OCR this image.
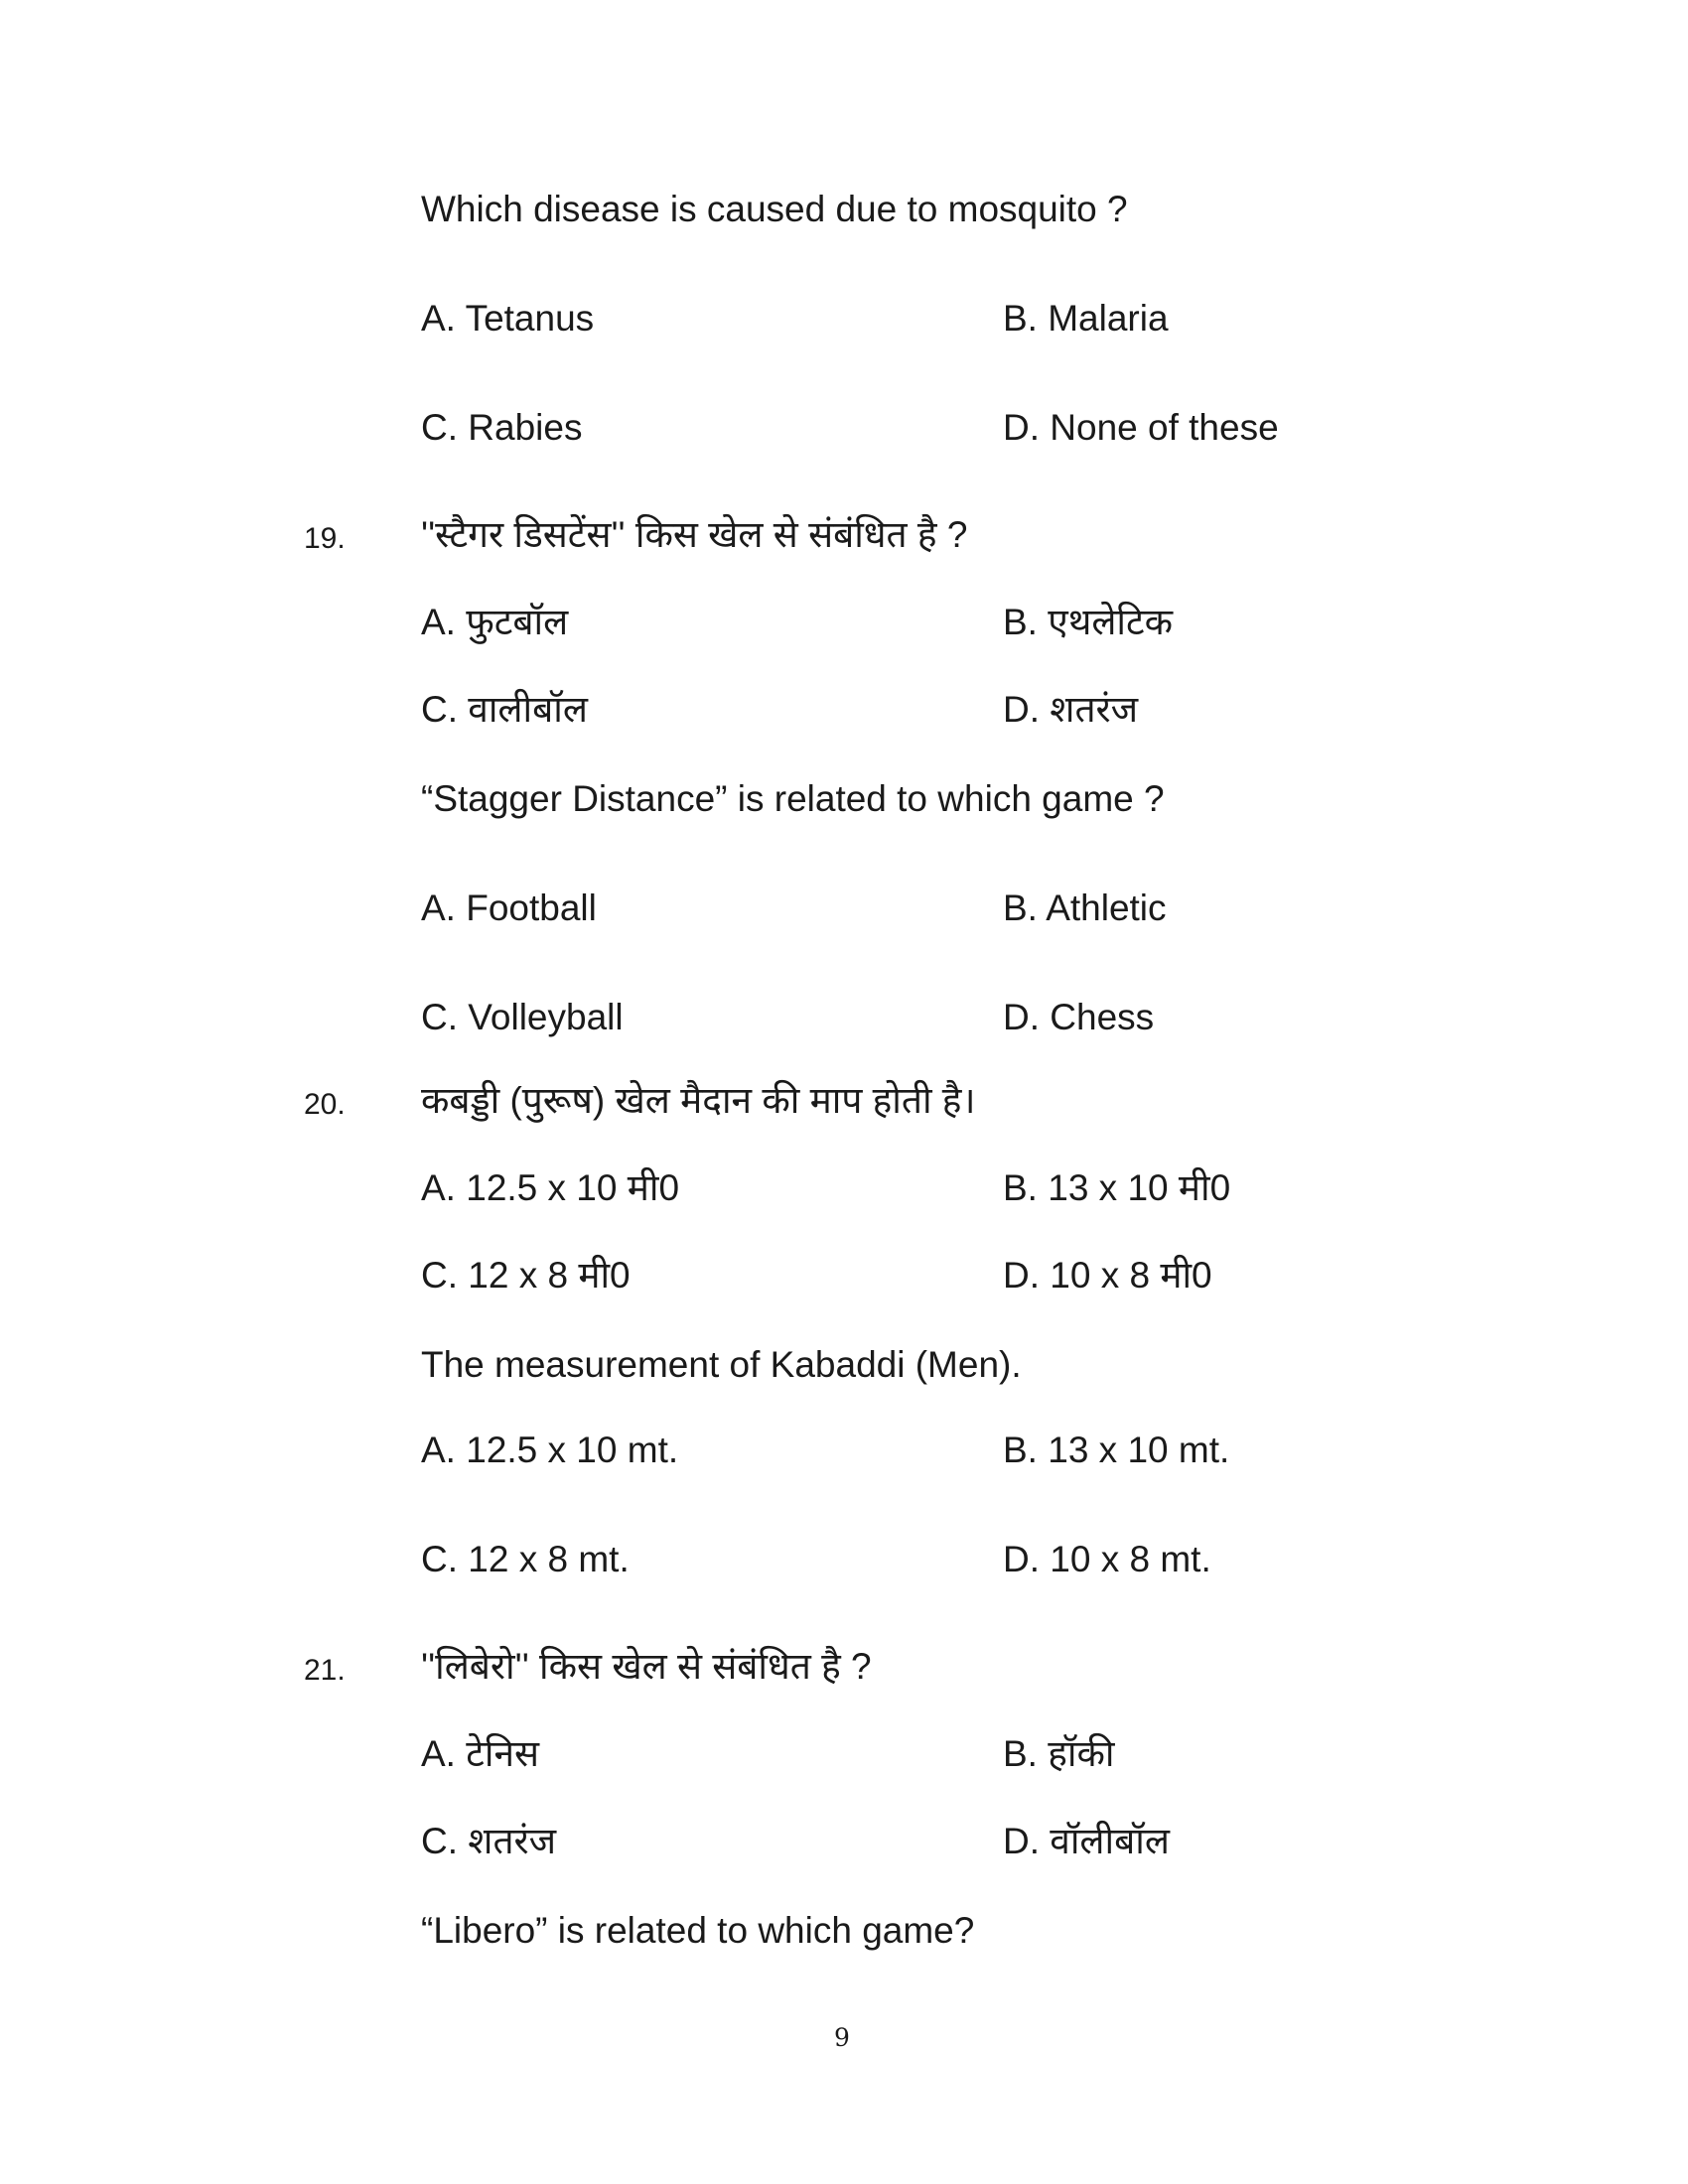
Which disease is caused due to mosquito ?
A. Tetanus	B. Malaria
C. Rabies	D. None of these
19. ''स्टैगर डिसटेंस'' किस खेल से संबंधित है ?
A. फुटबॉल	B. एथलेटिक
C. वालीबॉल	D. शतरंज
“Stagger Distance” is related to which game ?
A. Football	B. Athletic
C. Volleyball	D. Chess
20. कबड्डी (पुरूष) खेल मैदान की माप होती है।
A. 12.5 x 10 मी0	B. 13 x 10 मी0
C. 12 x 8 मी0	D. 10 x 8 मी0
The measurement of Kabaddi (Men).
A. 12.5 x 10 mt.	B. 13 x 10 mt.
C. 12 x 8 mt.	D. 10 x 8 mt.
21. ''लिबेरो'' किस खेल से संबंधित है ?
A. टेनिस	B. हॉकी
C. शतरंज	D. वॉलीबॉल
“Libero” is related to which game?
9
